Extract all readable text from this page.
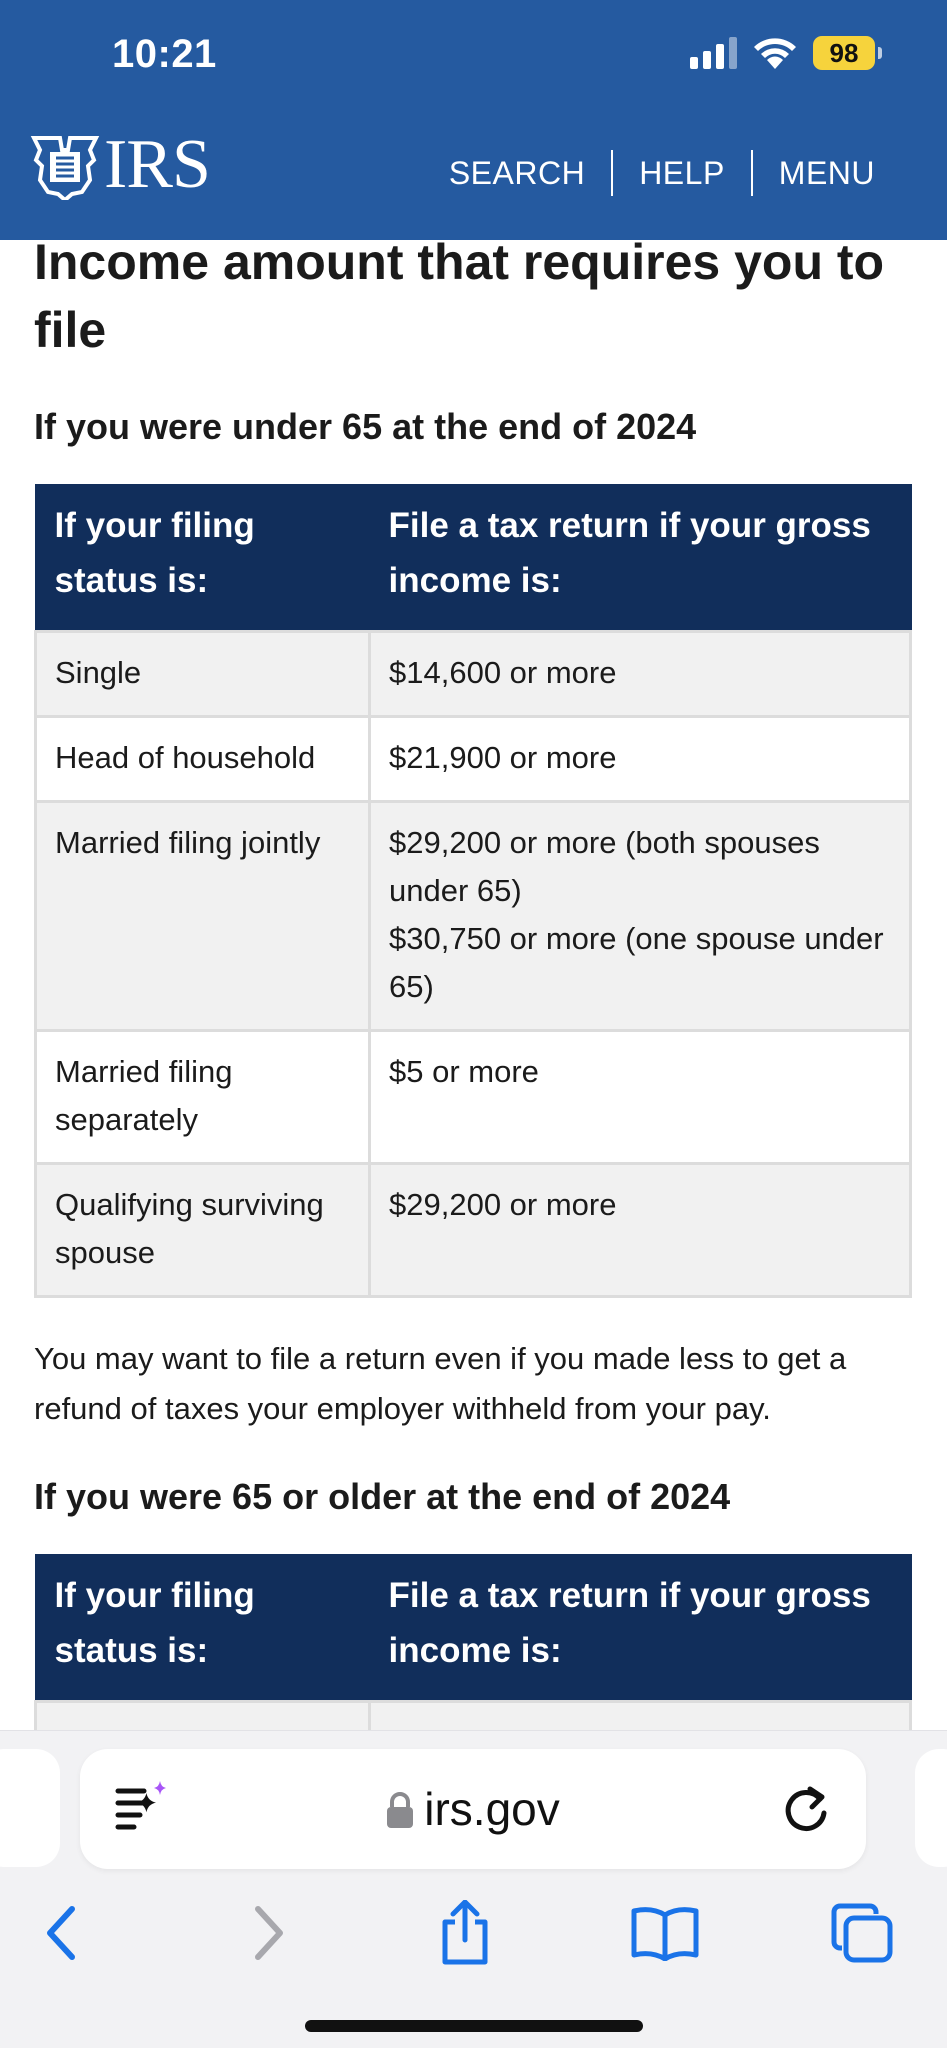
10:21	98
IRS	SEARCH	HELP	MENU
Income amount that requires you to file
If you were under 65 at the end of 2024
If your filing status is:	File a tax return if your gross income is:
Single	$14,600 or more

Head of household	$21,900 or more

Married filing jointly	$29,200 or more (both spouses under 65)
$30,750 or more (one spouse under 65)

Married filing separately	$5 or more

Qualifying surviving spouse	$29,200 or more

You may want to file a return even if you made less to get a refund of taxes your employer withheld from your pay.

If you were 65 or older at the end of 2024
If your filing status is:	File a tax return if your gross income is:

irs.gov
